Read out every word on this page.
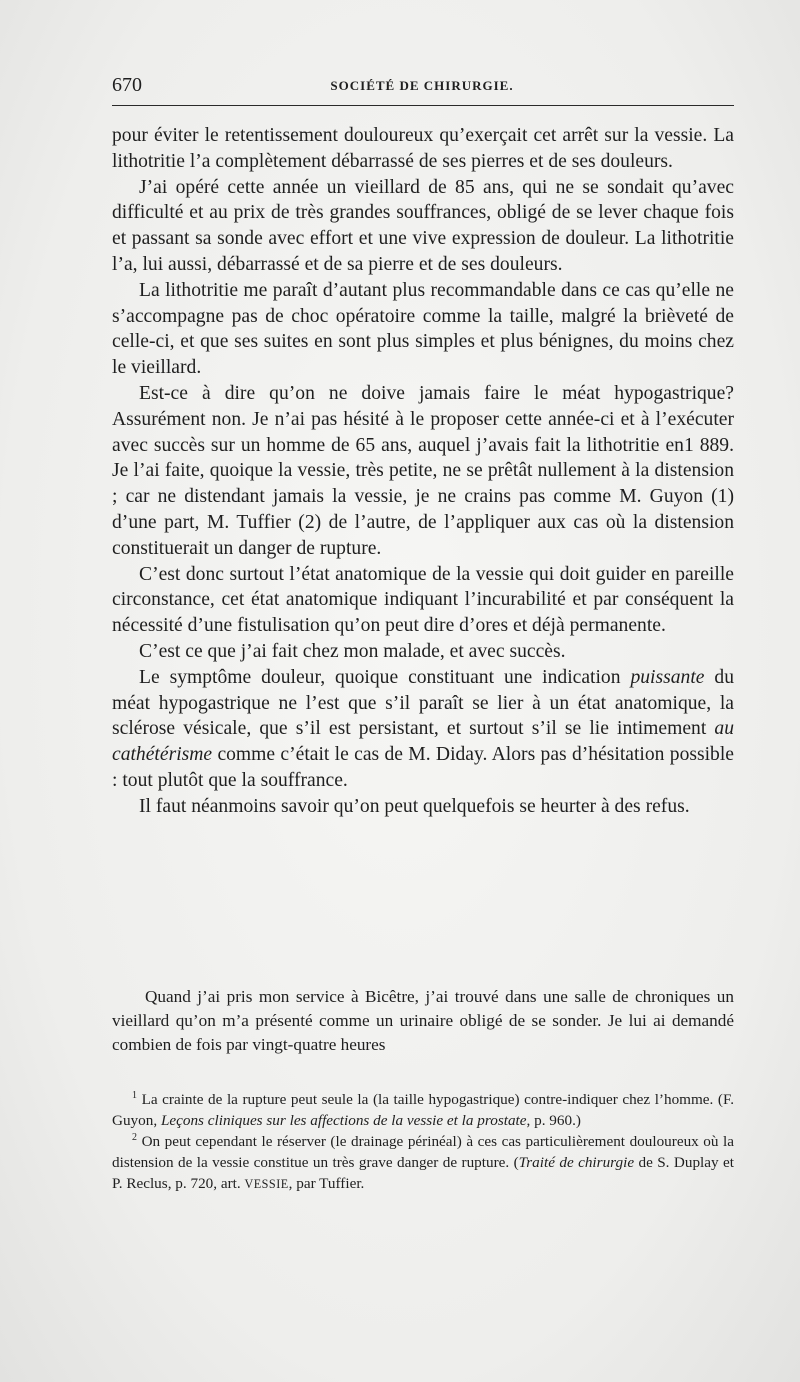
670	SOCIÉTÉ DE CHIRURGIE.

pour éviter le retentissement douloureux qu’exerçait cet arrêt sur la vessie. La lithotritie l’a complètement débarrassé de ses pierres et de ses douleurs.

J’ai opéré cette année un vieillard de 85 ans, qui ne se sondait qu’avec difficulté et au prix de très grandes souffrances, obligé de se lever chaque fois et passant sa sonde avec effort et une vive expression de douleur. La lithotritie l’a, lui aussi, débarrassé et de sa pierre et de ses douleurs.

La lithotritie me paraît d’autant plus recommandable dans ce cas qu’elle ne s’accompagne pas de choc opératoire comme la taille, malgré la brièveté de celle-ci, et que ses suites en sont plus simples et plus bénignes, du moins chez le vieillard.

Est-ce à dire qu’on ne doive jamais faire le méat hypogastrique? Assurément non. Je n’ai pas hésité à le proposer cette année-ci et à l’exécuter avec succès sur un homme de 65 ans, auquel j’avais fait la lithotritie en1 889. Je l’ai faite, quoique la vessie, très petite, ne se prêtât nullement à la distension ; car ne distendant jamais la vessie, je ne crains pas comme M. Guyon (1) d’une part, M. Tuffier (2) de l’autre, de l’appliquer aux cas où la distension constituerait un danger de rupture.

C’est donc surtout l’état anatomique de la vessie qui doit guider en pareille circonstance, cet état anatomique indiquant l’incurabilité et par conséquent la nécessité d’une fistulisation qu’on peut dire d’ores et déjà permanente.

C’est ce que j’ai fait chez mon malade, et avec succès.

Le symptôme douleur, quoique constituant une indication puissante du méat hypogastrique ne l’est que s’il paraît se lier à un état anatomique, la sclérose vésicale, que s’il est persistant, et surtout s’il se lie intimement au cathétérisme comme c’était le cas de M. Diday. Alors pas d’hésitation possible : tout plutôt que la souffrance.

Il faut néanmoins savoir qu’on peut quelquefois se heurter à des refus.

Quand j’ai pris mon service à Bicêtre, j’ai trouvé dans une salle de chroniques un vieillard qu’on m’a présenté comme un urinaire obligé de se sonder. Je lui ai demandé combien de fois par vingt-quatre heures

$^1$ La crainte de la rupture peut seule la (la taille hypogastrique) contre-indiquer chez l’homme. (F. Guyon, Leçons cliniques sur les affections de la vessie et la prostate, p. 960.)

$^2$ On peut cependant le réserver (le drainage périnéal) à ces cas particulièrement douloureux où la distension de la vessie constitue un très grave danger de rupture. (Traité de chirurgie de S. Duplay et P. Reclus, p. 720, art. VESSIE, par Tuffier.
